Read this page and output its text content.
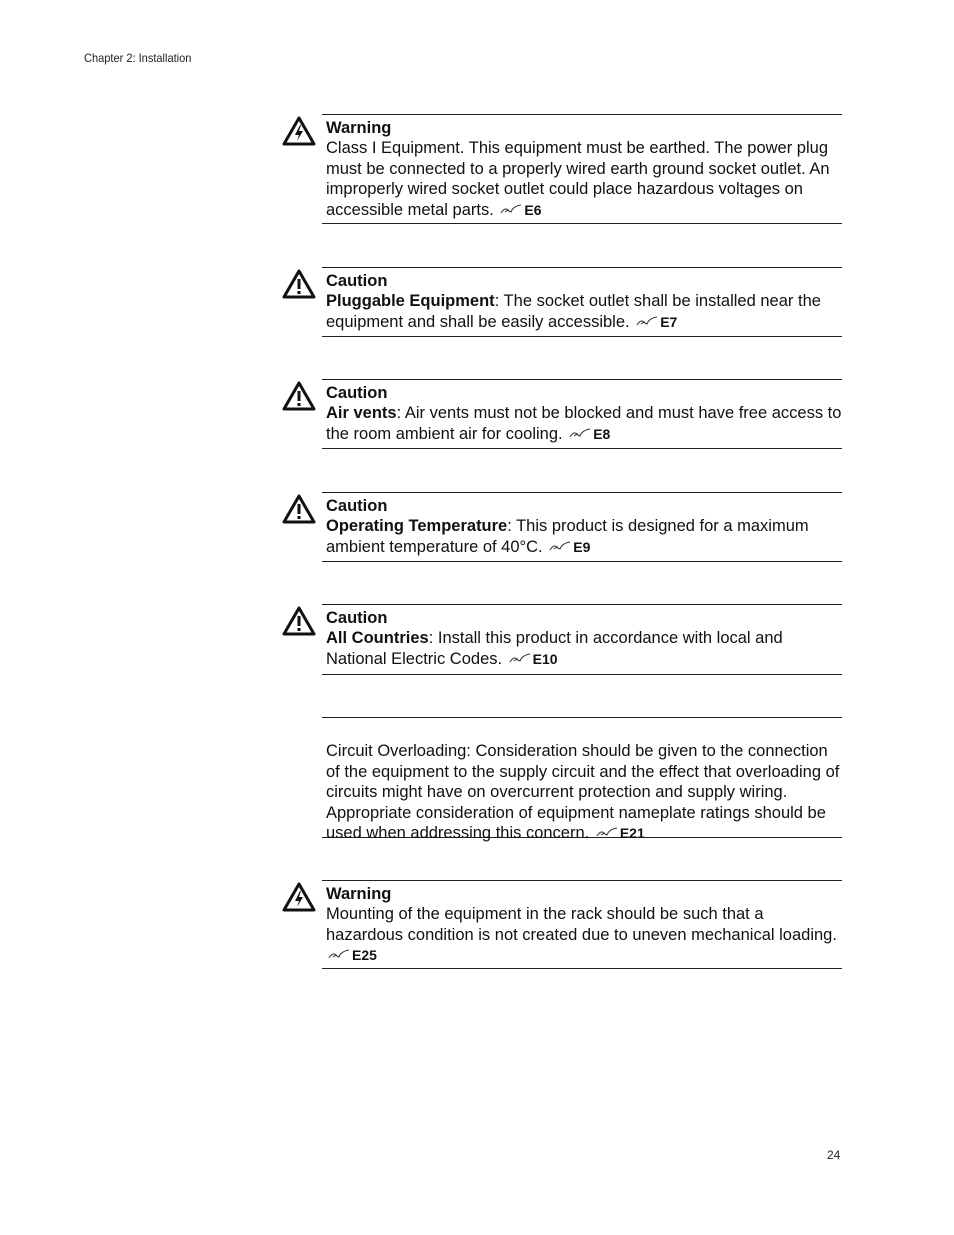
Chapter 2: Installation
Warning
Class I Equipment. This equipment must be earthed. The power plug must be connected to a properly wired earth ground socket outlet. An improperly wired socket outlet could place hazardous voltages on accessible metal parts. E6
Caution
Pluggable Equipment: The socket outlet shall be installed near the equipment and shall be easily accessible. E7
Caution
Air vents: Air vents must not be blocked and must have free access to the room ambient air for cooling. E8
Caution
Operating Temperature: This product is designed for a maximum ambient temperature of 40°C. E9
Caution
All Countries: Install this product in accordance with local and National Electric Codes. E10
Circuit Overloading: Consideration should be given to the connection of the equipment to the supply circuit and the effect that overloading of circuits might have on overcurrent protection and supply wiring. Appropriate consideration of equipment nameplate ratings should be used when addressing this concern. E21
Warning
Mounting of the equipment in the rack should be such that a hazardous condition is not created due to uneven mechanical loading. E25
24
